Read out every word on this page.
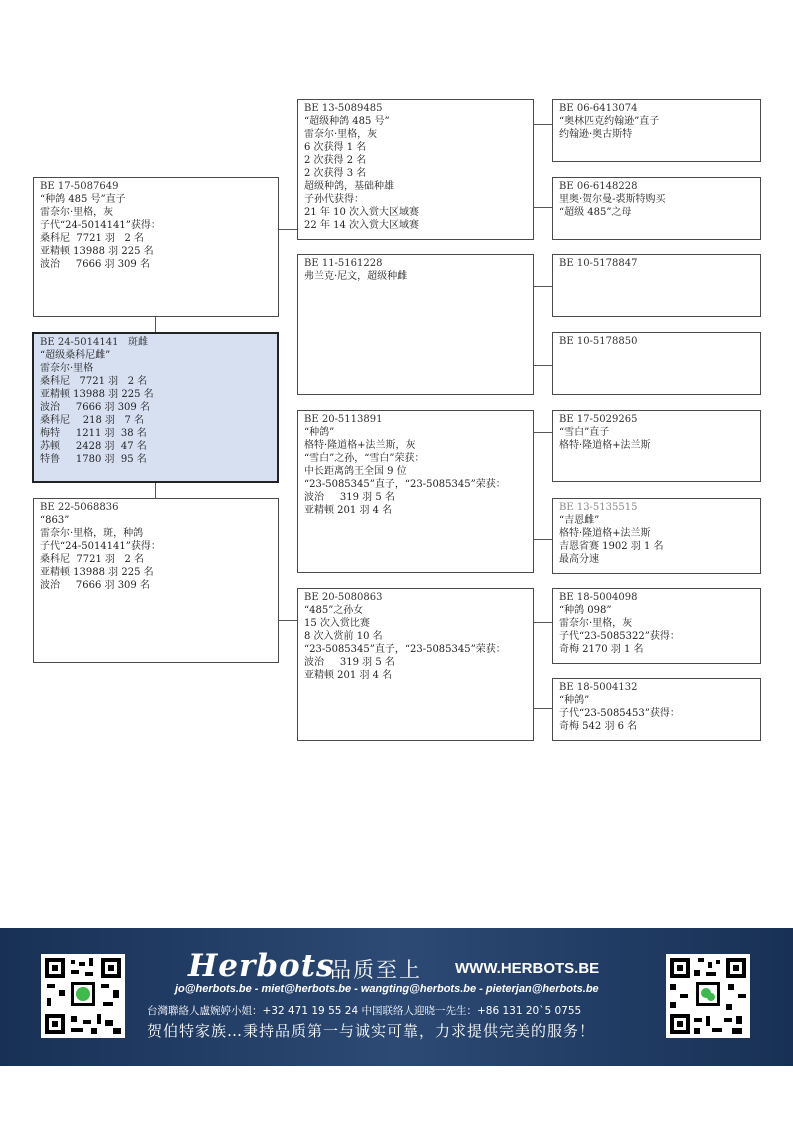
BE 17-5087649
“种鸽 485 号”直子
雷奈尔·里格，灰
子代“24-5014141”获得：
桑科尼  7721 羽   2 名
亚精顿 13988 羽 225 名
波治     7666 羽 309 名
BE 24-5014141   斑雌
“超级桑科尼雌”
雷奈尔·里格
桑科尼   7721 羽   2 名
亚精顿 13988 羽 225 名
波治     7666 羽 309 名
桑科尼    218 羽   7 名
梅特     1211 羽  38 名
苏顿     2428 羽  47 名
特鲁     1780 羽  95 名
BE 22-5068836
“863”
雷奈尔·里格，斑，种鸽
子代“24-5014141”获得：
桑科尼  7721 羽   2 名
亚精顿 13988 羽 225 名
波治     7666 羽 309 名
BE 13-5089485
“超级种鸽 485 号”
雷奈尔·里格，灰
6 次获得 1 名
2 次获得 2 名
2 次获得 3 名
超级种鸽，基础种雄
子孙代获得：
21 年 10 次入赏大区域赛
22 年 14 次入赏大区域赛
BE 11-5161228
弗兰克·尼文，超级种雌
BE 20-5113891
“种鸽”
格特·隆道格+法兰斯，灰
“雪白”之孙，“雪白”荣获：
中长距离鸽王全国 9 位
“23-5085345”直子，“23-5085345”荣获：
波治     319 羽 5 名
亚精顿 201 羽 4 名
BE 20-5080863
“485”之孙女
15 次入赏比赛
8 次入赏前 10 名
“23-5085345”直子，“23-5085345”荣获：
波治     319 羽 5 名
亚精顿 201 羽 4 名
BE 06-6413074
“奥林匹克约翰逊”直子
约翰逊·奥古斯特
BE 06-6148228
里奥·贺尔曼-裘斯特购买
“超级 485”之母
BE 10-5178847
BE 10-5178850
BE 17-5029265
“雪白”直子
格特·隆道格+法兰斯
BE 13-5135515
“吉恩雌”
格特·隆道格+法兰斯
吉恩省赛 1902 羽 1 名
最高分速
BE 18-5004098
“种鸽 098”
雷奈尔·里格，灰
子代“23-5085322”获得：
奇梅 2170 羽 1 名
BE 18-5004132
“种鸽”
子代“23-5085453”获得：
奇梅 542 羽 6 名
Herbots
品质至上 WWW.HERBOTS.BE
jo@herbots.be - miet@herbots.be - wangting@herbots.be - pieterjan@herbots.be
台灣聯絡人盧婉婷小姐：+32 471 19 55 24 中国联络人迎晓一先生：+86 131 20`5 0755
贺伯特家族…秉持品质第一与诚实可靠，力求提供完美的服务！
